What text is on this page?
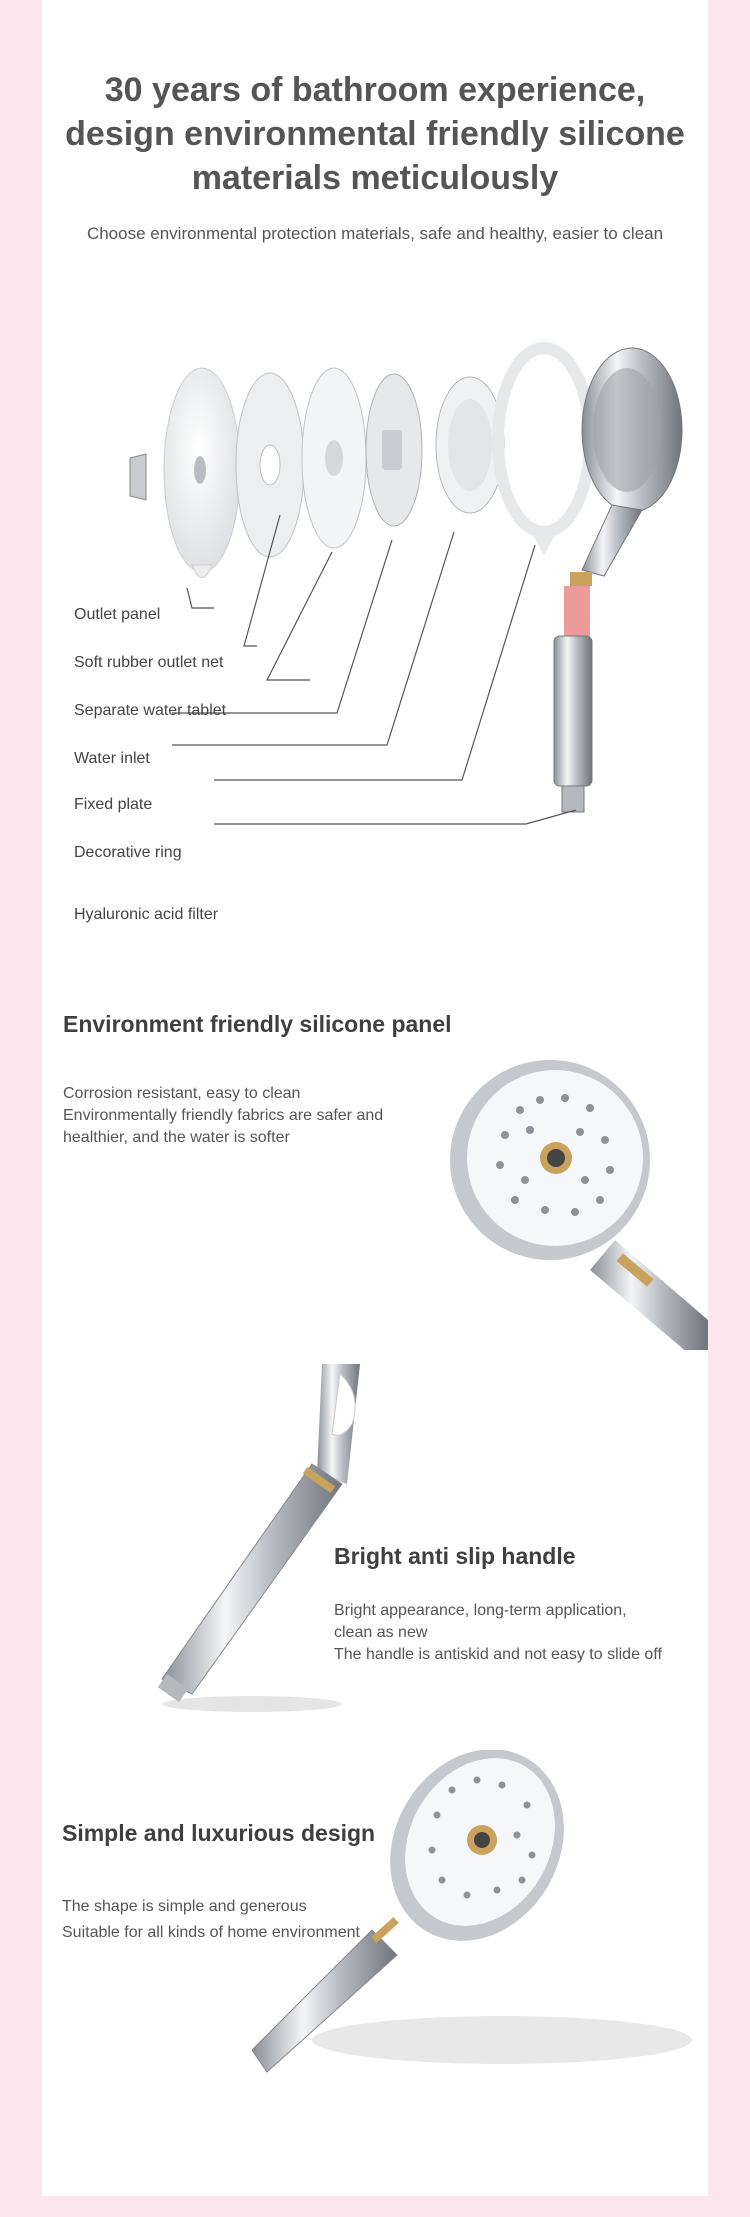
30 years of bathroom experience,
design environmental friendly silicone
materials meticulously
Choose environmental protection materials, safe and healthy, easier to clean
Outlet panel
Soft rubber outlet net
Separate water tablet
Water inlet
Fixed plate
Decorative ring
Hyaluronic acid filter
Environment friendly silicone panel
Corrosion resistant, easy to clean
Environmentally friendly fabrics are safer and
healthier, and the water is softer
Bright anti slip handle
Bright appearance, long-term application,
clean as new
The handle is antiskid and not easy to slide off
Simple and luxurious design
The shape is simple and generous
Suitable for all kinds of home environment
